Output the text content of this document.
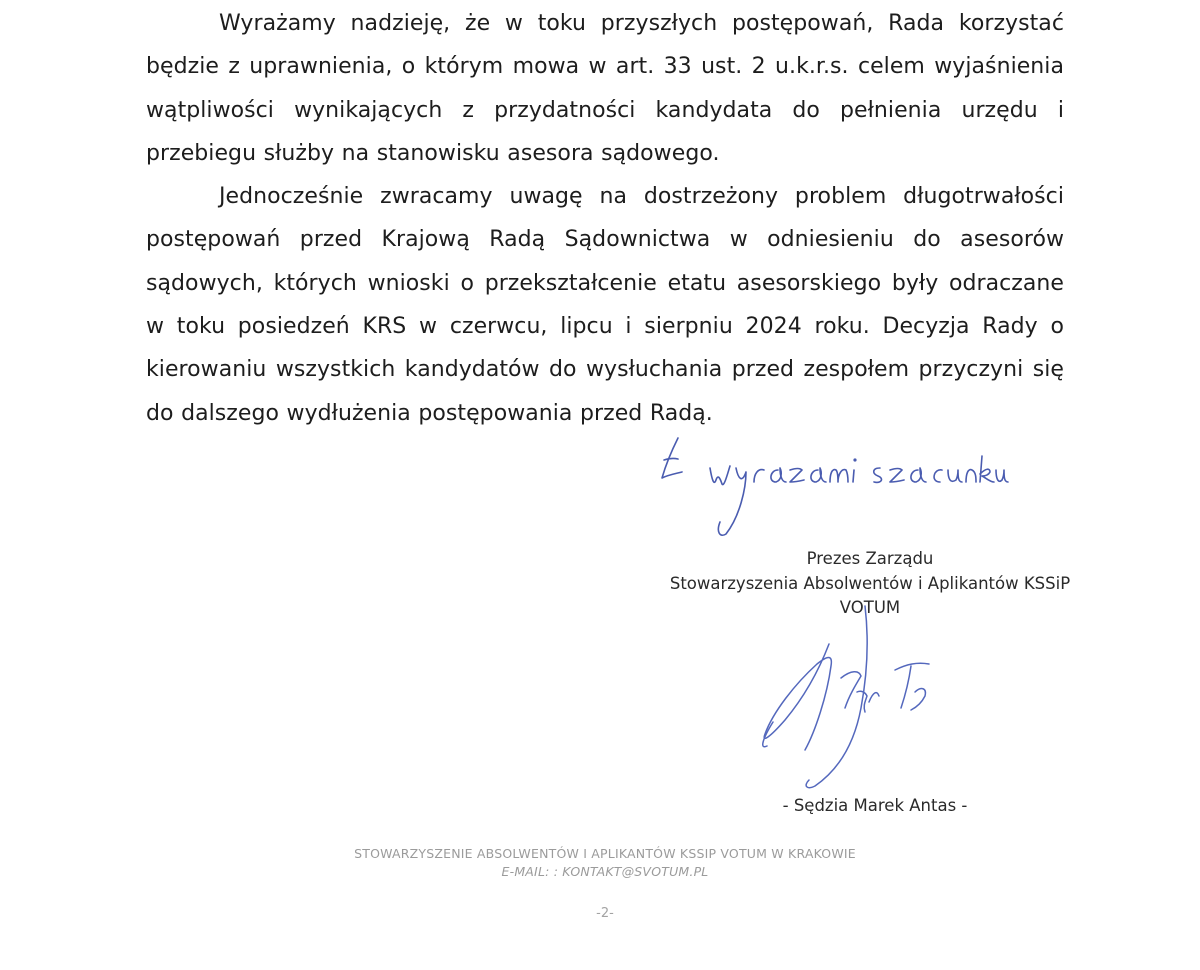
Wyrażamy nadzieję, że w toku przyszłych postępowań, Rada korzystać będzie z uprawnienia, o którym mowa w art. 33 ust. 2 u.k.r.s. celem wyjaśnienia wątpliwości wynikających z przydatności kandydata do pełnienia urzędu i przebiegu służby na stanowisku asesora sądowego.

Jednocześnie zwracamy uwagę na dostrzeżony problem długotrwałości postępowań przed Krajową Radą Sądownictwa w odniesieniu do asesorów sądowych, których wnioski o przekształcenie etatu asesorskiego były odraczane w toku posiedzeń KRS w czerwcu, lipcu i sierpniu 2024 roku. Decyzja Rady o kierowaniu wszystkich kandydatów do wysłuchania przed zespołem przyczyni się do dalszego wydłużenia postępowania przed Radą.

Prezes Zarządu
Stowarzyszenia Absolwentów i Aplikantów KSSiP
VOTUM
- Sędzia Marek Antas -
STOWARZYSZENIE ABSOLWENTÓW I APLIKANTÓW KSSIP VOTUM W KRAKOWIE
E-MAIL: : KONTAKT@SVOTUM.PL
-2-
